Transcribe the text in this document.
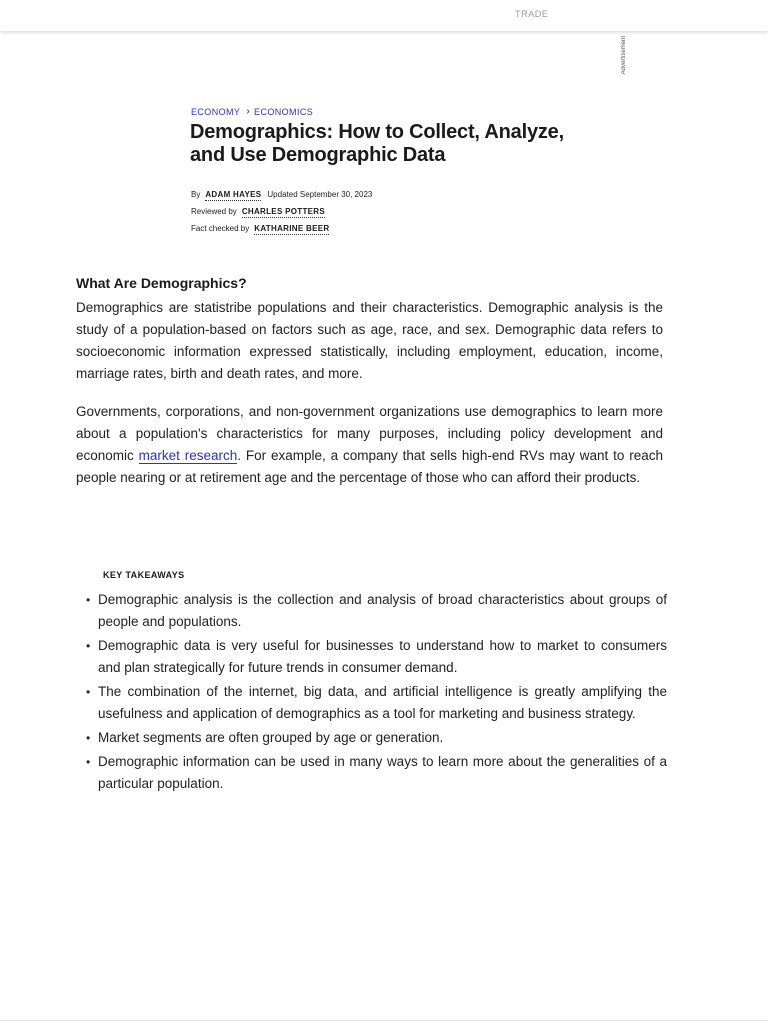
TRADE
Advertisement
ECONOMY › ECONOMICS
Demographics: How to Collect, Analyze, and Use Demographic Data
By ADAM HAYES Updated September 30, 2023
Reviewed by CHARLES POTTERS
Fact checked by KATHARINE BEER
What Are Demographics?

Demographics are statistribe populations and their characteristics. Demographic analysis is the study of a population-based on factors such as age, race, and sex. Demographic data refers to socioeconomic information expressed statistically, including employment, education, income, marriage rates, birth and death rates, and more.

Governments, corporations, and non-government organizations use demographics to learn more about a population's characteristics for many purposes, including policy development and economic market research. For example, a company that sells high-end RVs may want to reach people nearing or at retirement age and the percentage of those who can afford their products.

KEY TAKEAWAYS
• Demographic analysis is the collection and analysis of broad characteristics about groups of people and populations.
• Demographic data is very useful for businesses to understand how to market to consumers and plan strategically for future trends in consumer demand.
• The combination of the internet, big data, and artificial intelligence is greatly amplifying the usefulness and application of demographics as a tool for marketing and business strategy.
• Market segments are often grouped by age or generation.
• Demographic information can be used in many ways to learn more about the generalities of a particular population.
